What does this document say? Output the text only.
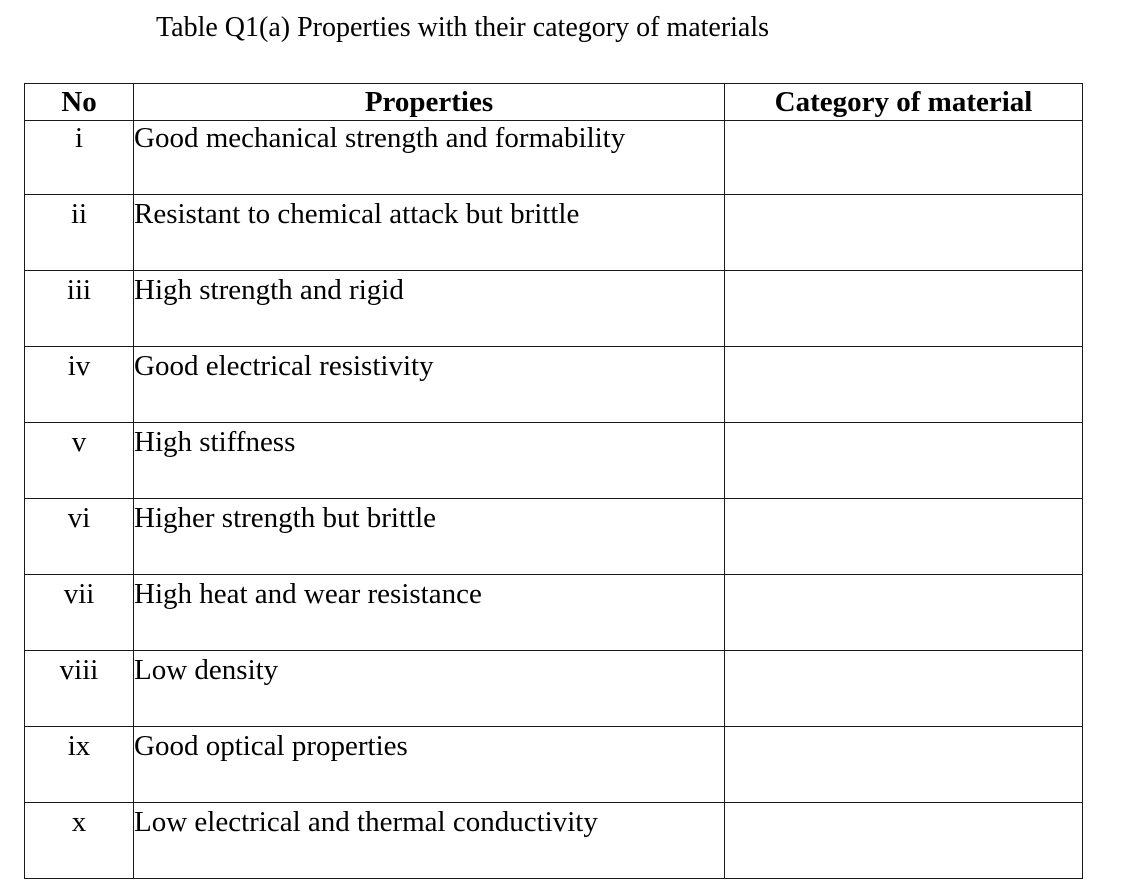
Table Q1(a) Properties with their category of materials
No	Properties	Category of material
i	Good mechanical strength and formability	
ii	Resistant to chemical attack but brittle	
iii	High strength and rigid	
iv	Good electrical resistivity	
v	High stiffness	
vi	Higher strength but brittle	
vii	High heat and wear resistance	
viii	Low density	
ix	Good optical properties	
x	Low electrical and thermal conductivity	
